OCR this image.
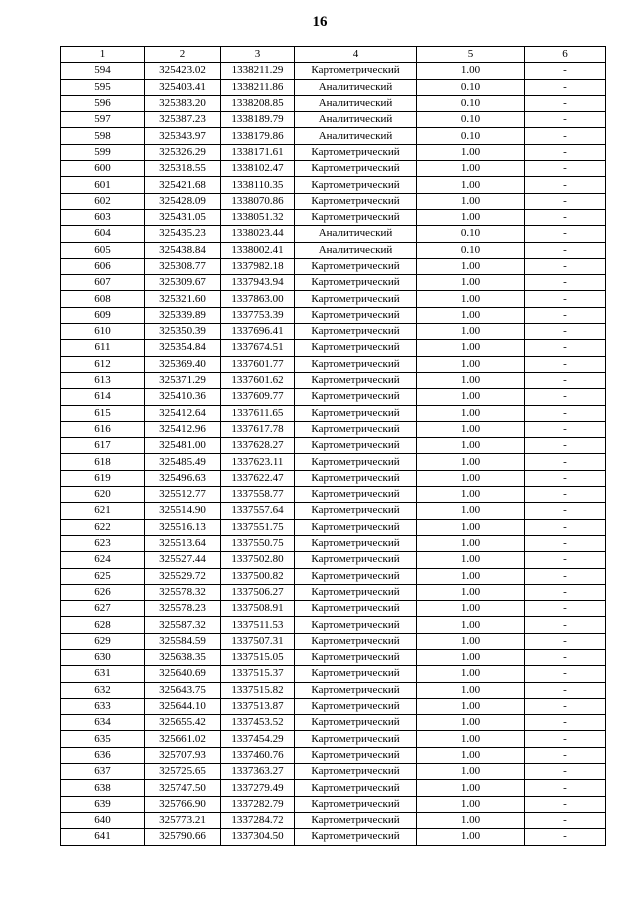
16
1	2	3	4	5	6
594	325423.02	1338211.29	Картометрический	1.00	-
595	325403.41	1338211.86	Аналитический	0.10	-
596	325383.20	1338208.85	Аналитический	0.10	-
597	325387.23	1338189.79	Аналитический	0.10	-
598	325343.97	1338179.86	Аналитический	0.10	-
599	325326.29	1338171.61	Картометрический	1.00	-
600	325318.55	1338102.47	Картометрический	1.00	-
601	325421.68	1338110.35	Картометрический	1.00	-
602	325428.09	1338070.86	Картометрический	1.00	-
603	325431.05	1338051.32	Картометрический	1.00	-
604	325435.23	1338023.44	Аналитический	0.10	-
605	325438.84	1338002.41	Аналитический	0.10	-
606	325308.77	1337982.18	Картометрический	1.00	-
607	325309.67	1337943.94	Картометрический	1.00	-
608	325321.60	1337863.00	Картометрический	1.00	-
609	325339.89	1337753.39	Картометрический	1.00	-
610	325350.39	1337696.41	Картометрический	1.00	-
611	325354.84	1337674.51	Картометрический	1.00	-
612	325369.40	1337601.77	Картометрический	1.00	-
613	325371.29	1337601.62	Картометрический	1.00	-
614	325410.36	1337609.77	Картометрический	1.00	-
615	325412.64	1337611.65	Картометрический	1.00	-
616	325412.96	1337617.78	Картометрический	1.00	-
617	325481.00	1337628.27	Картометрический	1.00	-
618	325485.49	1337623.11	Картометрический	1.00	-
619	325496.63	1337622.47	Картометрический	1.00	-
620	325512.77	1337558.77	Картометрический	1.00	-
621	325514.90	1337557.64	Картометрический	1.00	-
622	325516.13	1337551.75	Картометрический	1.00	-
623	325513.64	1337550.75	Картометрический	1.00	-
624	325527.44	1337502.80	Картометрический	1.00	-
625	325529.72	1337500.82	Картометрический	1.00	-
626	325578.32	1337506.27	Картометрический	1.00	-
627	325578.23	1337508.91	Картометрический	1.00	-
628	325587.32	1337511.53	Картометрический	1.00	-
629	325584.59	1337507.31	Картометрический	1.00	-
630	325638.35	1337515.05	Картометрический	1.00	-
631	325640.69	1337515.37	Картометрический	1.00	-
632	325643.75	1337515.82	Картометрический	1.00	-
633	325644.10	1337513.87	Картометрический	1.00	-
634	325655.42	1337453.52	Картометрический	1.00	-
635	325661.02	1337454.29	Картометрический	1.00	-
636	325707.93	1337460.76	Картометрический	1.00	-
637	325725.65	1337363.27	Картометрический	1.00	-
638	325747.50	1337279.49	Картометрический	1.00	-
639	325766.90	1337282.79	Картометрический	1.00	-
640	325773.21	1337284.72	Картометрический	1.00	-
641	325790.66	1337304.50	Картометрический	1.00	-
